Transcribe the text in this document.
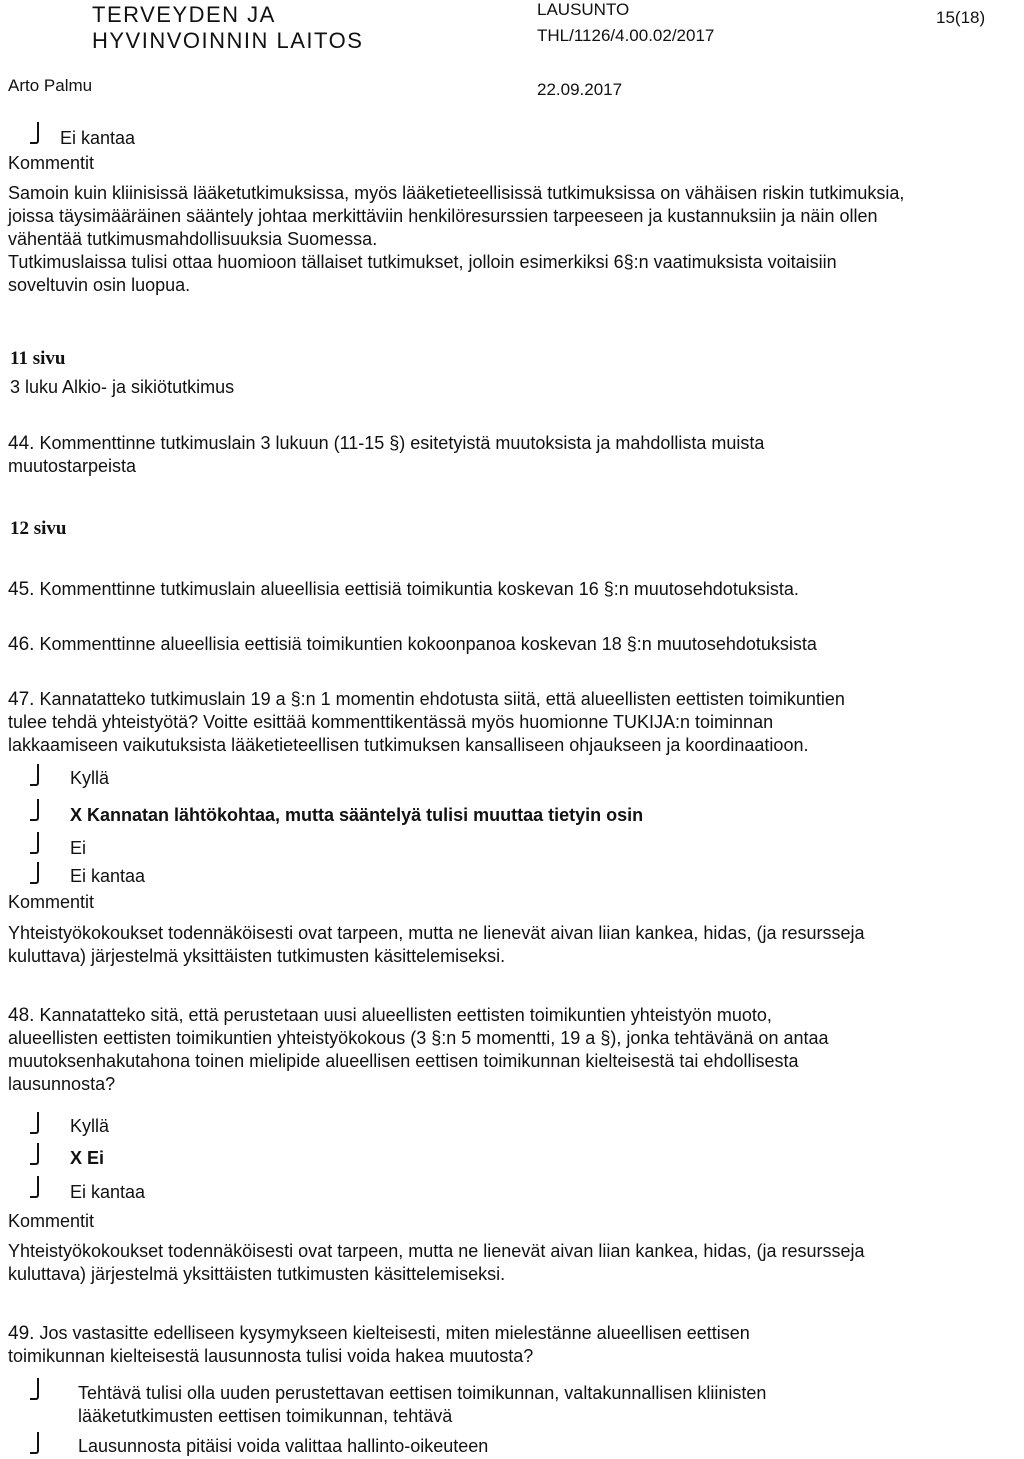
TERVEYDEN JA
HYVINVOINNIN LAITOS
LAUSUNTO	15(18)
THL/1126/4.00.02/2017
Arto Palmu	22.09.2017
Ei kantaa
Kommentit
Samoin kuin kliinisissä lääketutkimuksissa, myös lääketieteellisissä tutkimuksissa on vähäisen riskin tutkimuksia,
joissa täysimääräinen sääntely johtaa merkittäviin henkilöresurssien tarpeeseen ja kustannuksiin ja näin ollen
vähentää tutkimusmahdollisuuksia Suomessa.
Tutkimuslaissa tulisi ottaa huomioon tällaiset tutkimukset, jolloin esimerkiksi 6§:n vaatimuksista voitaisiin
soveltuvin osin luopua.
11 sivu
3 luku Alkio- ja sikiötutkimus
44. Kommenttinne tutkimuslain 3 lukuun (11-15 §) esitetyistä muutoksista ja mahdollista muista
muutostarpeista
12 sivu
45. Kommenttinne tutkimuslain alueellisia eettisiä toimikuntia koskevan 16 §:n muutosehdotuksista.
46. Kommenttinne alueellisia eettisiä toimikuntien kokoonpanoa koskevan 18 §:n muutosehdotuksista
47. Kannatatteko tutkimuslain 19 a §:n 1 momentin ehdotusta siitä, että alueellisten eettisten toimikuntien
tulee tehdä yhteistyötä? Voitte esittää kommenttikentässä myös huomionne TUKIJA:n toiminnan
lakkaamiseen vaikutuksista lääketieteellisen tutkimuksen kansalliseen ohjaukseen ja koordinaatioon.
Kyllä
X Kannatan lähtökohtaa, mutta sääntelyä tulisi muuttaa tietyin osin
Ei
Ei kantaa
Kommentit
Yhteistyökokoukset todennäköisesti ovat tarpeen, mutta ne lienevät aivan liian kankea, hidas, (ja resursseja
kuluttava) järjestelmä yksittäisten tutkimusten käsittelemiseksi.
48. Kannatatteko sitä, että perustetaan uusi alueellisten eettisten toimikuntien yhteistyön muoto,
alueellisten eettisten toimikuntien yhteistyökokous (3 §:n 5 momentti, 19 a §), jonka tehtävänä on antaa
muutoksenhakutahona toinen mielipide alueellisen eettisen toimikunnan kielteisestä tai ehdollisesta
lausunnosta?
Kyllä
X Ei
Ei kantaa
Kommentit
Yhteistyökokoukset todennäköisesti ovat tarpeen, mutta ne lienevät aivan liian kankea, hidas, (ja resursseja
kuluttava) järjestelmä yksittäisten tutkimusten käsittelemiseksi.
49. Jos vastasitte edelliseen kysymykseen kielteisesti, miten mielestänne alueellisen eettisen
toimikunnan kielteisestä lausunnosta tulisi voida hakea muutosta?
Tehtävä tulisi olla uuden perustettavan eettisen toimikunnan, valtakunnallisen kliinisten
lääketutkimusten eettisen toimikunnan, tehtävä
Lausunnosta pitäisi voida valittaa hallinto-oikeuteen
